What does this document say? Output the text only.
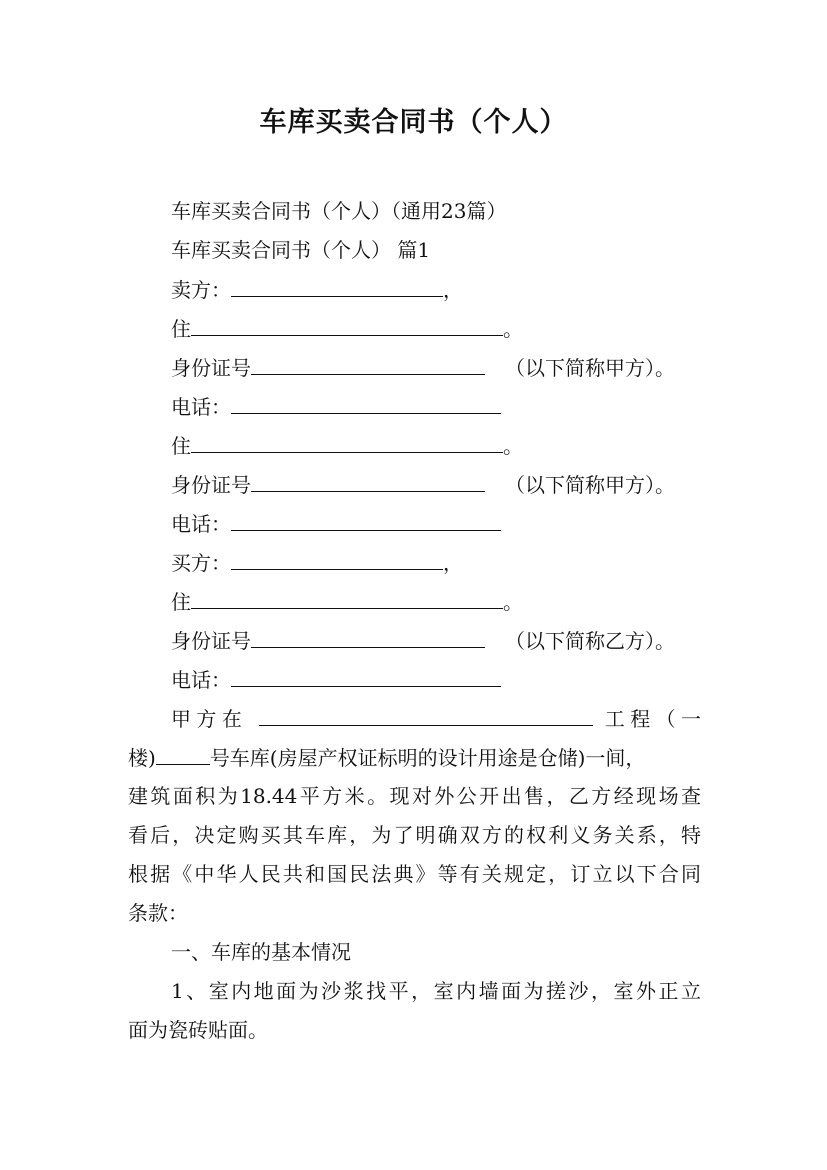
车库买卖合同书（个人）
车库买卖合同书（个人）（通用23篇）
车库买卖合同书（个人） 篇1
卖方：	，
住	。
身份证号	（以下简称甲方）。
电话：
住	。
身份证号	（以下简称甲方）。
电话：
买方：	，
住	。
身份证号	（以下简称乙方）。
电话：
甲方在	工程（一
楼)	号车库(房屋产权证标明的设计用途是仓储)一间，
建筑面积为18.44平方米。现对外公开出售，乙方经现场查
看后，决定购买其车库，为了明确双方的权利义务关系，特
根据《中华人民共和国民法典》等有关规定，订立以下合同
条款：
一、车库的基本情况
1、室内地面为沙浆找平，室内墙面为搓沙，室外正立
面为瓷砖贴面。
